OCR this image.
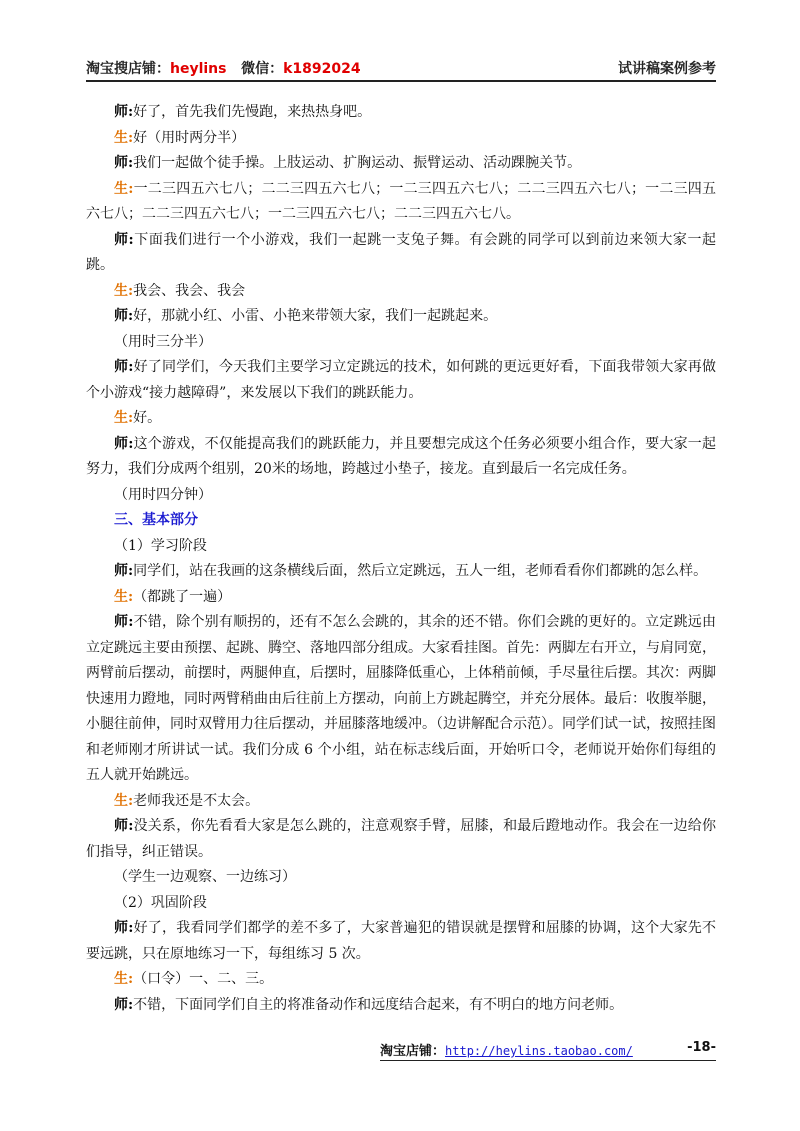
淘宝搜店铺：heylins 微信：k1892024	试讲稿案例参考

师:好了，首先我们先慢跑，来热热身吧。

生:好（用时两分半）

师:我们一起做个徒手操。上肢运动、扩胸运动、振臂运动、活动踝腕关节。

生:一二三四五六七八；二二三四五六七八；一二三四五六七八；二二三四五六七八；一二三四五六七八；二二三四五六七八；一二三四五六七八；二二三四五六七八。

师:下面我们进行一个小游戏，我们一起跳一支兔子舞。有会跳的同学可以到前边来领大家一起跳。

生:我会、我会、我会

师:好，那就小红、小雷、小艳来带领大家，我们一起跳起来。

（用时三分半）

师:好了同学们，今天我们主要学习立定跳远的技术，如何跳的更远更好看，下面我带领大家再做个小游戏“接力越障碍”，来发展以下我们的跳跃能力。

生:好。

师:这个游戏，不仅能提高我们的跳跃能力，并且要想完成这个任务必须要小组合作，要大家一起努力，我们分成两个组别，20米的场地，跨越过小垫子，接龙。直到最后一名完成任务。

（用时四分钟）

三、基本部分

（1）学习阶段

师:同学们，站在我画的这条横线后面，然后立定跳远，五人一组，老师看看你们都跳的怎么样。

生:（都跳了一遍）

师:不错，除个别有顺拐的，还有不怎么会跳的，其余的还不错。你们会跳的更好的。立定跳远由立定跳远主要由预摆、起跳、腾空、落地四部分组成。大家看挂图。首先：两脚左右开立，与肩同宽，两臂前后摆动，前摆时，两腿伸直，后摆时，屈膝降低重心，上体稍前倾，手尽量往后摆。其次：两脚快速用力蹬地，同时两臂稍曲由后往前上方摆动，向前上方跳起腾空，并充分展体。最后：收腹举腿，小腿往前伸，同时双臂用力往后摆动，并屈膝落地缓冲。（边讲解配合示范）。同学们试一试，按照挂图和老师刚才所讲试一试。我们分成 6 个小组，站在标志线后面，开始听口令，老师说开始你们每组的五人就开始跳远。

生:老师我还是不太会。

师:没关系，你先看看大家是怎么跳的，注意观察手臂，屈膝，和最后蹬地动作。我会在一边给你们指导，纠正错误。

（学生一边观察、一边练习）

（2）巩固阶段

师:好了，我看同学们都学的差不多了，大家普遍犯的错误就是摆臂和屈膝的协调，这个大家先不要远跳，只在原地练习一下，每组练习 5 次。

生:（口令）一、二、三。

师:不错，下面同学们自主的将准备动作和远度结合起来，有不明白的地方问老师。

淘宝店铺：http://heylins.taobao.com/	-18-
